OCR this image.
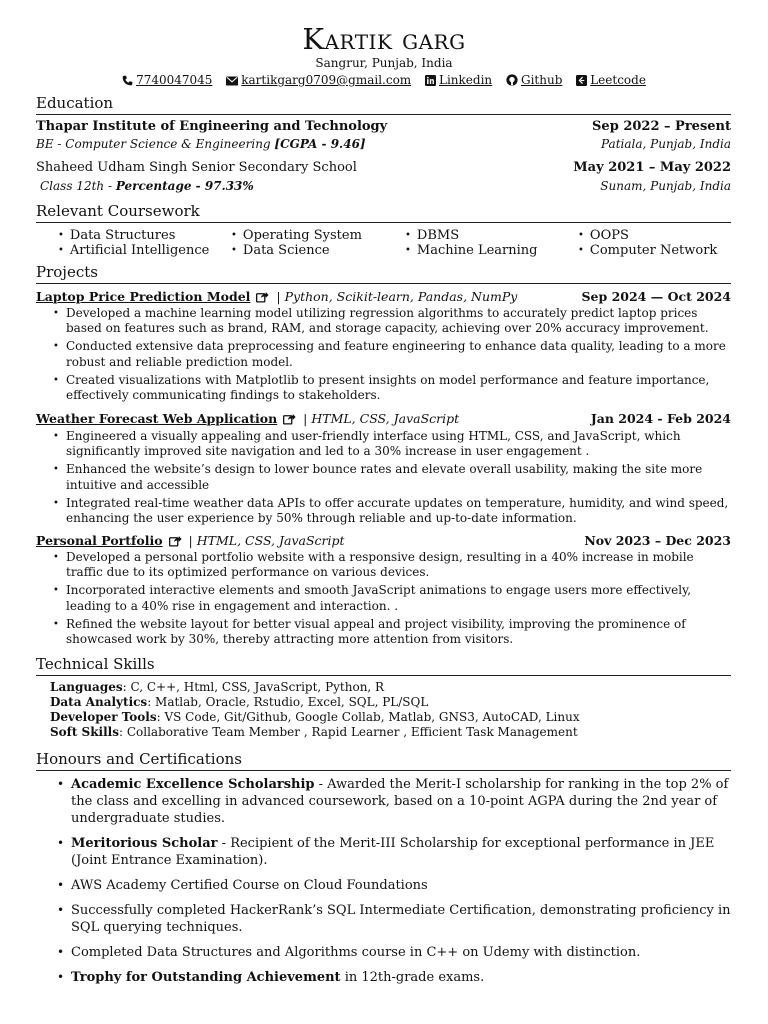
Kartik garg
Sangrur, Punjab, India
7740047045 kartikgarg0709@gmail.com Linkedin Github Leetcode
Education
Thapar Institute of Engineering and Technology	Sep 2022 – Present
BE - Computer Science & Engineering [CGPA - 9.46]	Patiala, Punjab, India
Shaheed Udham Singh Senior Secondary School	May 2021 – May 2022
Class 12th - Percentage - 97.33%	Sunam, Punjab, India
Relevant Coursework
• Data Structures
• Artificial Intelligence
• Operating System
• Data Science
• DBMS
• Machine Learning
• OOPS
• Computer Network
Projects
Laptop Price Prediction Model | Python, Scikit-learn, Pandas, NumPy	Sep 2024 — Oct 2024
• Developed a machine learning model utilizing regression algorithms to accurately predict laptop prices based on features such as brand, RAM, and storage capacity, achieving over 20% accuracy improvement.
• Conducted extensive data preprocessing and feature engineering to enhance data quality, leading to a more robust and reliable prediction model.
• Created visualizations with Matplotlib to present insights on model performance and feature importance, effectively communicating findings to stakeholders.
Weather Forecast Web Application | HTML, CSS, JavaScript	Jan 2024 - Feb 2024
• Engineered a visually appealing and user-friendly interface using HTML, CSS, and JavaScript, which significantly improved site navigation and led to a 30% increase in user engagement .
• Enhanced the website’s design to lower bounce rates and elevate overall usability, making the site more intuitive and accessible
• Integrated real-time weather data APIs to offer accurate updates on temperature, humidity, and wind speed, enhancing the user experience by 50% through reliable and up-to-date information.
Personal Portfolio | HTML, CSS, JavaScript	Nov 2023 – Dec 2023
• Developed a personal portfolio website with a responsive design, resulting in a 40% increase in mobile traffic due to its optimized performance on various devices.
• Incorporated interactive elements and smooth JavaScript animations to engage users more effectively, leading to a 40% rise in engagement and interaction. .
• Refined the website layout for better visual appeal and project visibility, improving the prominence of showcased work by 30%, thereby attracting more attention from visitors.
Technical Skills
Languages: C, C++, Html, CSS, JavaScript, Python, R
Data Analytics: Matlab, Oracle, Rstudio, Excel, SQL, PL/SQL
Developer Tools: VS Code, Git/Github, Google Collab, Matlab, GNS3, AutoCAD, Linux
Soft Skills: Collaborative Team Member , Rapid Learner , Efficient Task Management
Honours and Certifications
• Academic Excellence Scholarship - Awarded the Merit-I scholarship for ranking in the top 2% of the class and excelling in advanced coursework, based on a 10-point AGPA during the 2nd year of undergraduate studies.
• Meritorious Scholar - Recipient of the Merit-III Scholarship for exceptional performance in JEE (Joint Entrance Examination).
• AWS Academy Certified Course on Cloud Foundations
• Successfully completed HackerRank’s SQL Intermediate Certification, demonstrating proficiency in SQL querying techniques.
• Completed Data Structures and Algorithms course in C++ on Udemy with distinction.
• Trophy for Outstanding Achievement in 12th-grade exams.
